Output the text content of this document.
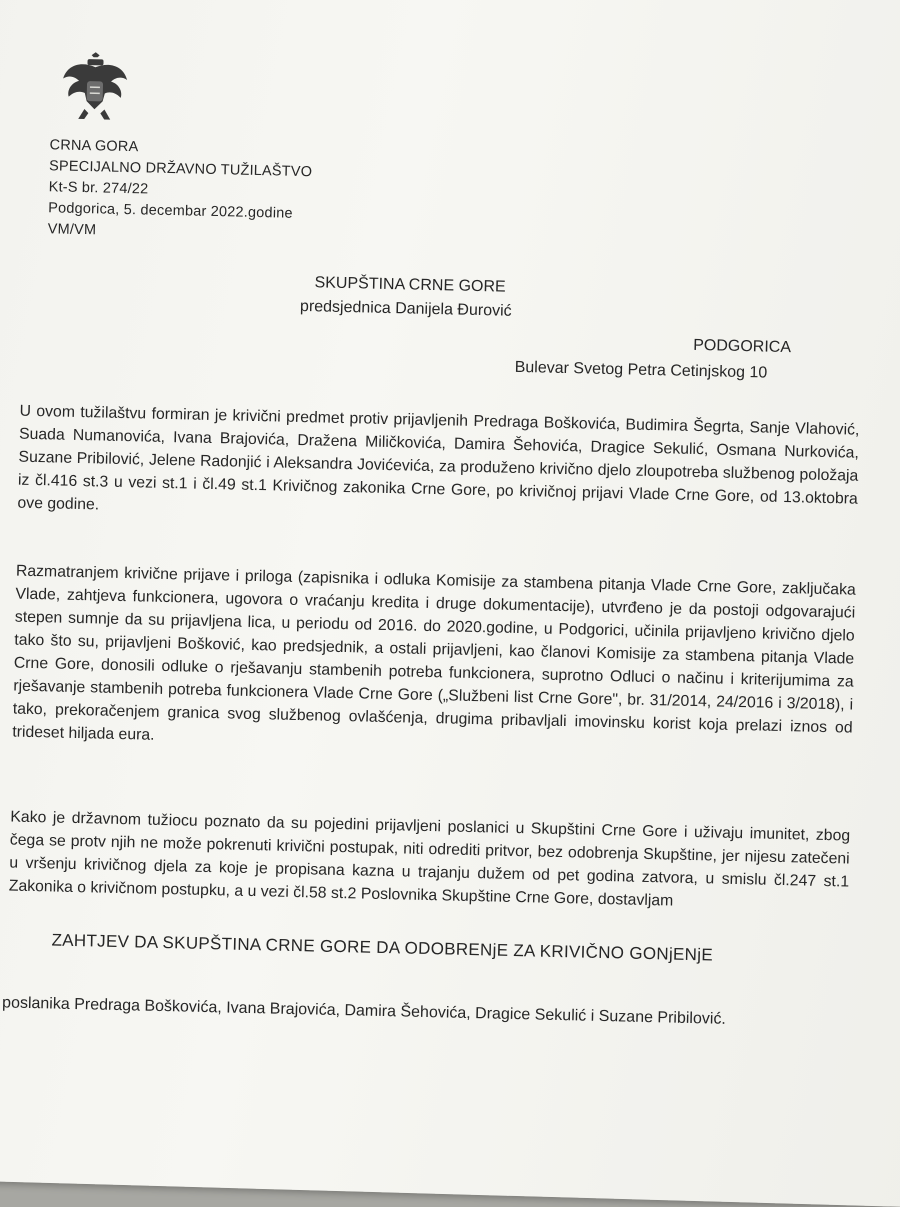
CRNA GORA
SPECIJALNO DRŽAVNO TUŽILAŠTVO
Kt-S br. 274/22
Podgorica, 5. decembar 2022.godine
VM/VM
SKUPŠTINA CRNE GORE
predsjednica Danijela Đurović
PODGORICA
Bulevar Svetog Petra Cetinjskog 10
U ovom tužilaštvu formiran je krivični predmet protiv prijavljenih Predraga Boškovića, Budimira Šegrta, Sanje Vlahović, Suada Numanovića, Ivana Brajovića, Dražena Miličkovića, Damira Šehovića, Dragice Sekulić, Osmana Nurkovića, Suzane Pribilović, Jelene Radonjić i Aleksandra Jovićevića, za produženo krivično djelo zloupotreba službenog položaja iz čl.416 st.3 u vezi st.1 i čl.49 st.1 Krivičnog zakonika Crne Gore, po krivičnoj prijavi Vlade Crne Gore, od 13.oktobra ove godine.
Razmatranjem krivične prijave i priloga (zapisnika i odluka Komisije za stambena pitanja Vlade Crne Gore, zaključaka Vlade, zahtjeva funkcionera, ugovora o vraćanju kredita i druge dokumentacije), utvrđeno je da postoji odgovarajući stepen sumnje da su prijavljena lica, u periodu od 2016. do 2020.godine, u Podgorici, učinila prijavljeno krivično djelo tako što su, prijavljeni Bošković, kao predsjednik, a ostali prijavljeni, kao članovi Komisije za stambena pitanja Vlade Crne Gore, donosili odluke o rješavanju stambenih potreba funkcionera, suprotno Odluci o načinu i kriterijumima za rješavanje stambenih potreba funkcionera Vlade Crne Gore („Službeni list Crne Gore", br. 31/2014, 24/2016 i 3/2018), i tako, prekoračenjem granica svog službenog ovlašćenja, drugima pribavljali imovinsku korist koja prelazi iznos od trideset hiljada eura.
Kako je državnom tužiocu poznato da su pojedini prijavljeni poslanici u Skupštini Crne Gore i uživaju imunitet, zbog čega se protv njih ne može pokrenuti krivični postupak, niti odrediti pritvor, bez odobrenja Skupštine, jer nijesu zatečeni u vršenju krivičnog djela za koje je propisana kazna u trajanju dužem od pet godina zatvora, u smislu čl.247 st.1 Zakonika o krivičnom postupku, a u vezi čl.58 st.2 Poslovnika Skupštine Crne Gore, dostavljam
ZAHTJEV DA SKUPŠTINA CRNE GORE DA ODOBRENjE ZA KRIVIČNO GONjENjE
poslanika Predraga Boškovića, Ivana Brajovića, Damira Šehovića, Dragice Sekulić i Suzane Pribilović.
